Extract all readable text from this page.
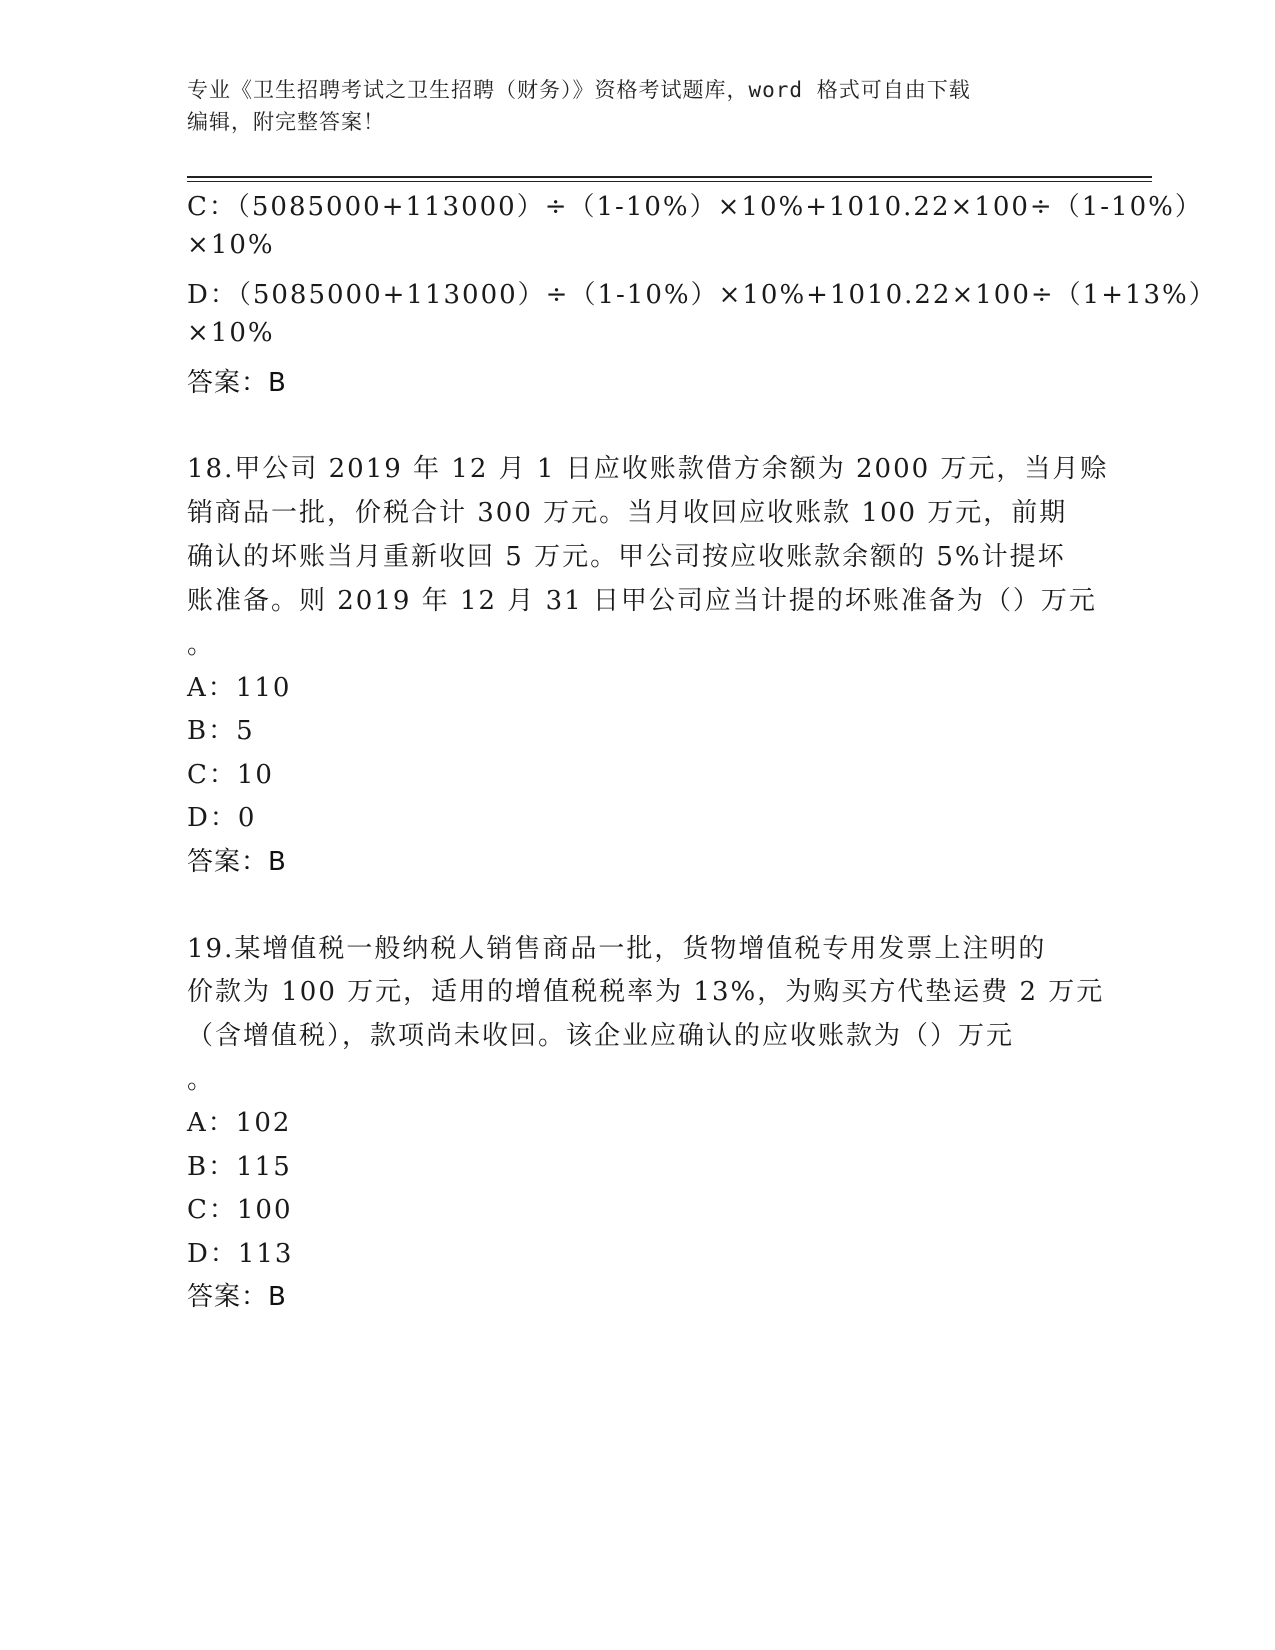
专业《卫生招聘考试之卫生招聘（财务）》资格考试题库，word 格式可自由下载
编辑，附完整答案！
C：（5085000+113000）÷（1-10%）×10%+1010.22×100÷（1-10%）
×10%
D：（5085000+113000）÷（1-10%）×10%+1010.22×100÷（1+13%）
×10%
答案：B
18.甲公司 2019 年 12 月 1 日应收账款借方余额为 2000 万元，当月赊
销商品一批，价税合计 300 万元。当月收回应收账款 100 万元，前期
确认的坏账当月重新收回 5 万元。甲公司按应收账款余额的 5%计提坏
账准备。则 2019 年 12 月 31 日甲公司应当计提的坏账准备为（）万元
。
A：110
B：5
C：10
D：0
答案：B
19.某增值税一般纳税人销售商品一批，货物增值税专用发票上注明的
价款为 100 万元，适用的增值税税率为 13%，为购买方代垫运费 2 万元
（含增值税），款项尚未收回。该企业应确认的应收账款为（）万元
。
A：102
B：115
C：100
D：113
答案：B
